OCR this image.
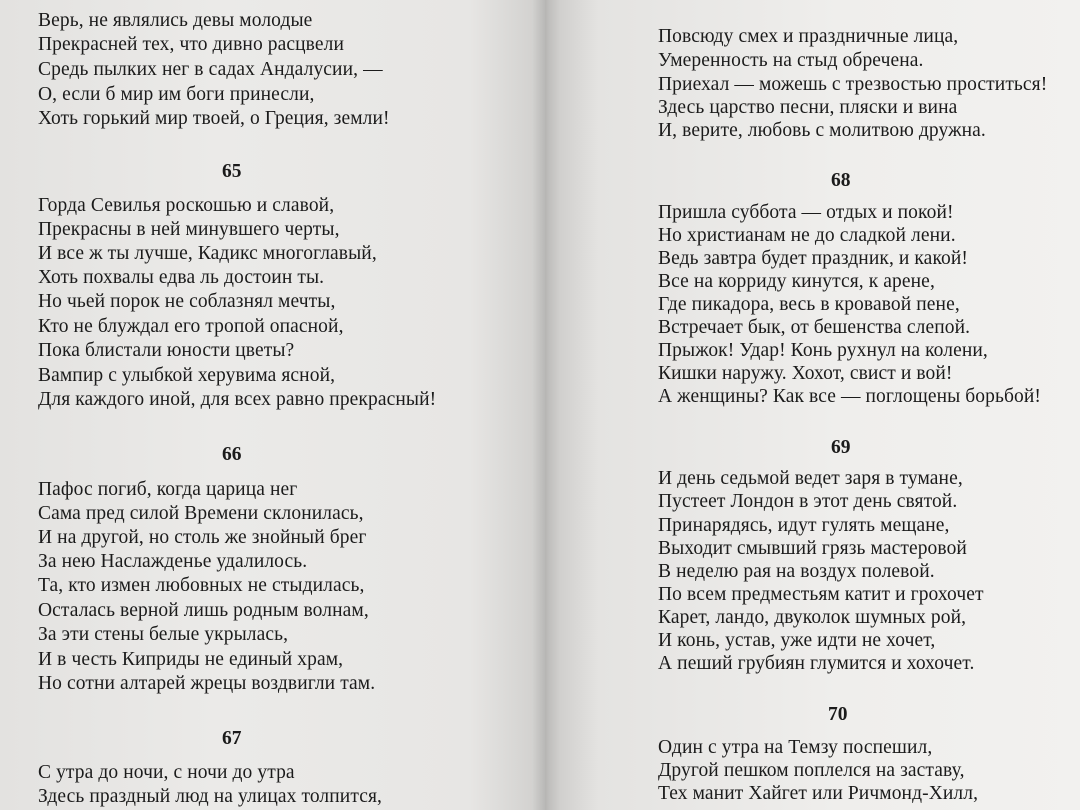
Верь, не являлись девы молодые
Прекрасней тех, что дивно расцвели
Средь пылких нег в садах Андалусии, —
О, если б мир им боги принесли,
Хоть горький мир твоей, о Греция, земли!
65
Горда Севилья роскошью и славой,
Прекрасны в ней минувшего черты,
И все ж ты лучше, Кадикс многоглавый,
Хоть похвалы едва ль достоин ты.
Но чьей порок не соблазнял мечты,
Кто не блуждал его тропой опасной,
Пока блистали юности цветы?
Вампир с улыбкой херувима ясной,
Для каждого иной, для всех равно прекрасный!
66
Пафос погиб, когда царица нег
Сама пред силой Времени склонилась,
И на другой, но столь же знойный брег
За нею Наслажденье удалилось.
Та, кто измен любовных не стыдилась,
Осталась верной лишь родным волнам,
За эти стены белые укрылась,
И в честь Киприды не единый храм,
Но сотни алтарей жрецы воздвигли там.
67
С утра до ночи, с ночи до утра
Здесь праздный люд на улицах толпится,
Повсюду смех и праздничные лица,
Умеренность на стыд обречена.
Приехал — можешь с трезвостью проститься!
Здесь царство песни, пляски и вина
И, верите, любовь с молитвою дружна.
68
Пришла суббота — отдых и покой!
Но христианам не до сладкой лени.
Ведь завтра будет праздник, и какой!
Все на корриду кинутся, к арене,
Где пикадора, весь в кровавой пене,
Встречает бык, от бешенства слепой.
Прыжок! Удар! Конь рухнул на колени,
Кишки наружу. Хохот, свист и вой!
А женщины? Как все — поглощены борьбой!
69
И день седьмой ведет заря в тумане,
Пустеет Лондон в этот день святой.
Принарядясь, идут гулять мещане,
Выходит смывший грязь мастеровой
В неделю рая на воздух полевой.
По всем предместьям катит и грохочет
Карет, ландо, двуколок шумных рой,
И конь, устав, уже идти не хочет,
А пеший грубиян глумится и хохочет.
70
Один с утра на Темзу поспешил,
Другой пешком поплелся на заставу,
Тех манит Хайгет или Ричмонд-Хилл,
